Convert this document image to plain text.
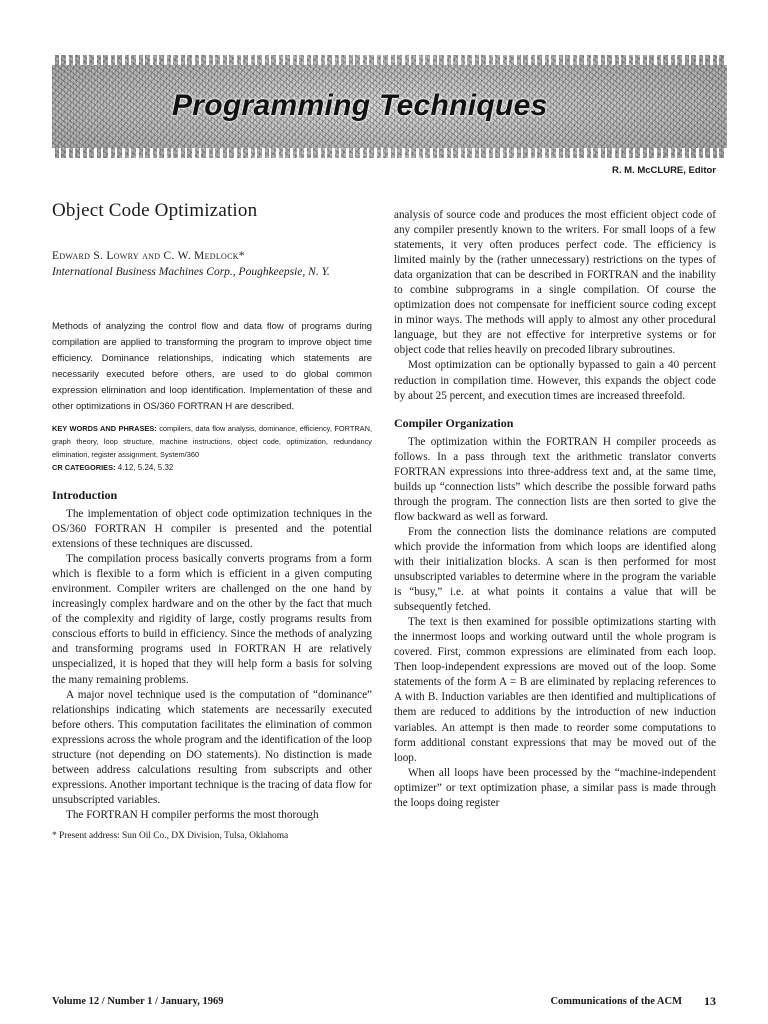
Programming Techniques
R. M. McCLURE, Editor
Object Code Optimization

Edward S. Lowry and C. W. Medlock*

International Business Machines Corp., Poughkeepsie, N. Y.

Methods of analyzing the control flow and data flow of programs during compilation are applied to transforming the program to improve object time efficiency. Dominance relationships, indicating which statements are necessarily executed before others, are used to do global common expression elimination and loop identification. Implementation of these and other optimizations in OS/360 FORTRAN H are described.

KEY WORDS AND PHRASES: compilers, data flow analysis, dominance, efficiency, FORTRAN, graph theory, loop structure, machine instructions, object code, optimization, redundancy elimination, register assignment, System/360

CR CATEGORIES: 4.12, 5.24, 5.32

Introduction

The implementation of object code optimization techniques in the OS/360 FORTRAN H compiler is presented and the potential extensions of these techniques are discussed.

The compilation process basically converts programs from a form which is flexible to a form which is efficient in a given computing environment. Compiler writers are challenged on the one hand by increasingly complex hardware and on the other by the fact that much of the complexity and rigidity of large, costly programs results from conscious efforts to build in efficiency. Since the methods of analyzing and transforming programs used in FORTRAN H are relatively unspecialized, it is hoped that they will help form a basis for solving the many remaining problems.

A major novel technique used is the computation of “dominance” relationships indicating which statements are necessarily executed before others. This computation facilitates the elimination of common expressions across the whole program and the identification of the loop structure (not depending on DO statements). No distinction is made between address calculations resulting from subscripts and other expressions. Another important technique is the tracing of data flow for unsubscripted variables.

The FORTRAN H compiler performs the most thorough

* Present address: Sun Oil Co., DX Division, Tulsa, Oklahoma

analysis of source code and produces the most efficient object code of any compiler presently known to the writers. For small loops of a few statements, it very often produces perfect code. The efficiency is limited mainly by the (rather unnecessary) restrictions on the types of data organization that can be described in FORTRAN and the inability to combine subprograms in a single compilation. Of course the optimization does not compensate for inefficient source coding except in minor ways. The methods will apply to almost any other procedural language, but they are not effective for interpretive systems or for object code that relies heavily on precoded library subroutines.

Most optimization can be optionally bypassed to gain a 40 percent reduction in compilation time. However, this expands the object code by about 25 percent, and execution times are increased threefold.

Compiler Organization

The optimization within the FORTRAN H compiler proceeds as follows. In a pass through text the arithmetic translator converts FORTRAN expressions into three-address text and, at the same time, builds up “connection lists” which describe the possible forward paths through the program. The connection lists are then sorted to give the flow backward as well as forward.

From the connection lists the dominance relations are computed which provide the information from which loops are identified along with their initialization blocks. A scan is then performed for most unsubscripted variables to determine where in the program the variable is “busy,” i.e. at what points it contains a value that will be subsequently fetched.

The text is then examined for possible optimizations starting with the innermost loops and working outward until the whole program is covered. First, common expressions are eliminated from each loop. Then loop-independent expressions are moved out of the loop. Some statements of the form A = B are eliminated by replacing references to A with B. Induction variables are then identified and multiplications of them are reduced to additions by the introduction of new induction variables. An attempt is then made to reorder some computations to form additional constant expressions that may be moved out of the loop.

When all loops have been processed by the “machine-independent optimizer” or text optimization phase, a similar pass is made through the loops doing register

Volume 12 / Number 1 / January, 1969	Communications of the ACM 13
